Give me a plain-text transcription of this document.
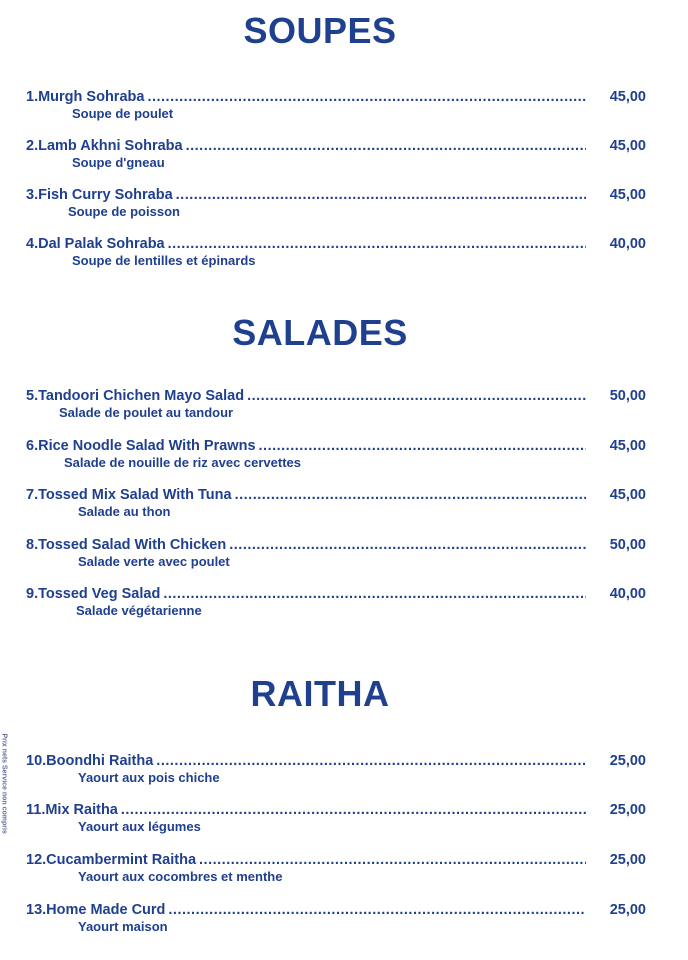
Prix nets Service non compris
SOUPES
1.Murgh Sohraba .....	45,00
Soupe de poulet
2.Lamb Akhni Sohraba .....	45,00
Soupe d'gneau
3.Fish Curry Sohraba .....	45,00
Soupe de poisson
4.Dal Palak Sohraba .....	40,00
Soupe de lentilles et épinards
SALADES
5.Tandoori Chichen Mayo Salad .....	50,00
Salade de poulet au tandour
6.Rice Noodle Salad With Prawns .....	45,00
Salade de nouille de riz avec cervettes
7.Tossed Mix Salad With Tuna .....	45,00
Salade au thon
8.Tossed Salad With Chicken .....	50,00
Salade verte avec poulet
9.Tossed Veg Salad .....	40,00
Salade végétarienne
RAITHA
10.Boondhi Raitha .....	25,00
Yaourt aux pois chiche
11.Mix Raitha .....	25,00
Yaourt aux légumes
12.Cucambermint Raitha .....	25,00
Yaourt aux cocombres et menthe
13.Home Made Curd .....	25,00
Yaourt maison
